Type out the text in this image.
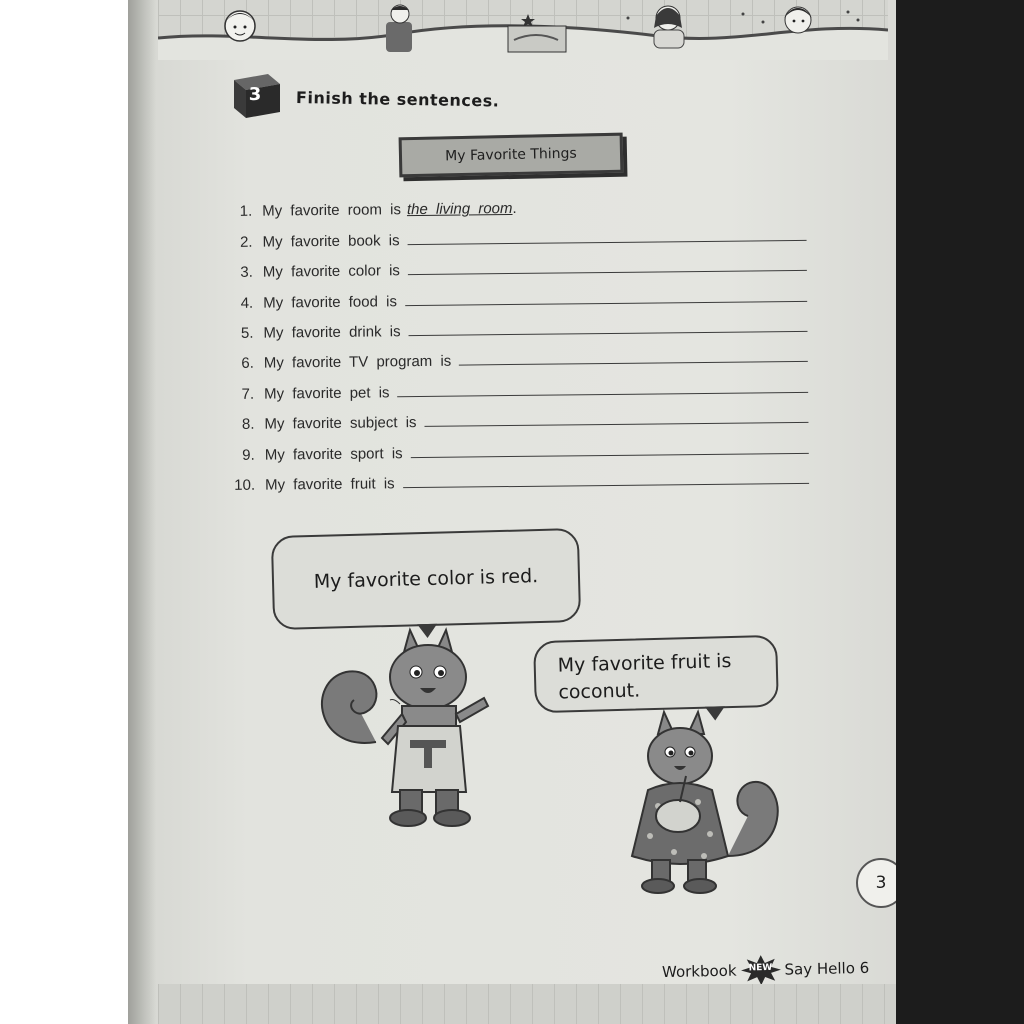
3	Finish the sentences.
My Favorite Things
1. My favorite room is the living room .
2. My favorite book is
3. My favorite color is
4. My favorite food is
5. My favorite drink is
6. My favorite TV program is
7. My favorite pet is
8. My favorite subject is
9. My favorite sport is
10. My favorite fruit is
My favorite color is red.
My favorite fruit is
coconut.
3
Workbook	NEW Say Hello 6
